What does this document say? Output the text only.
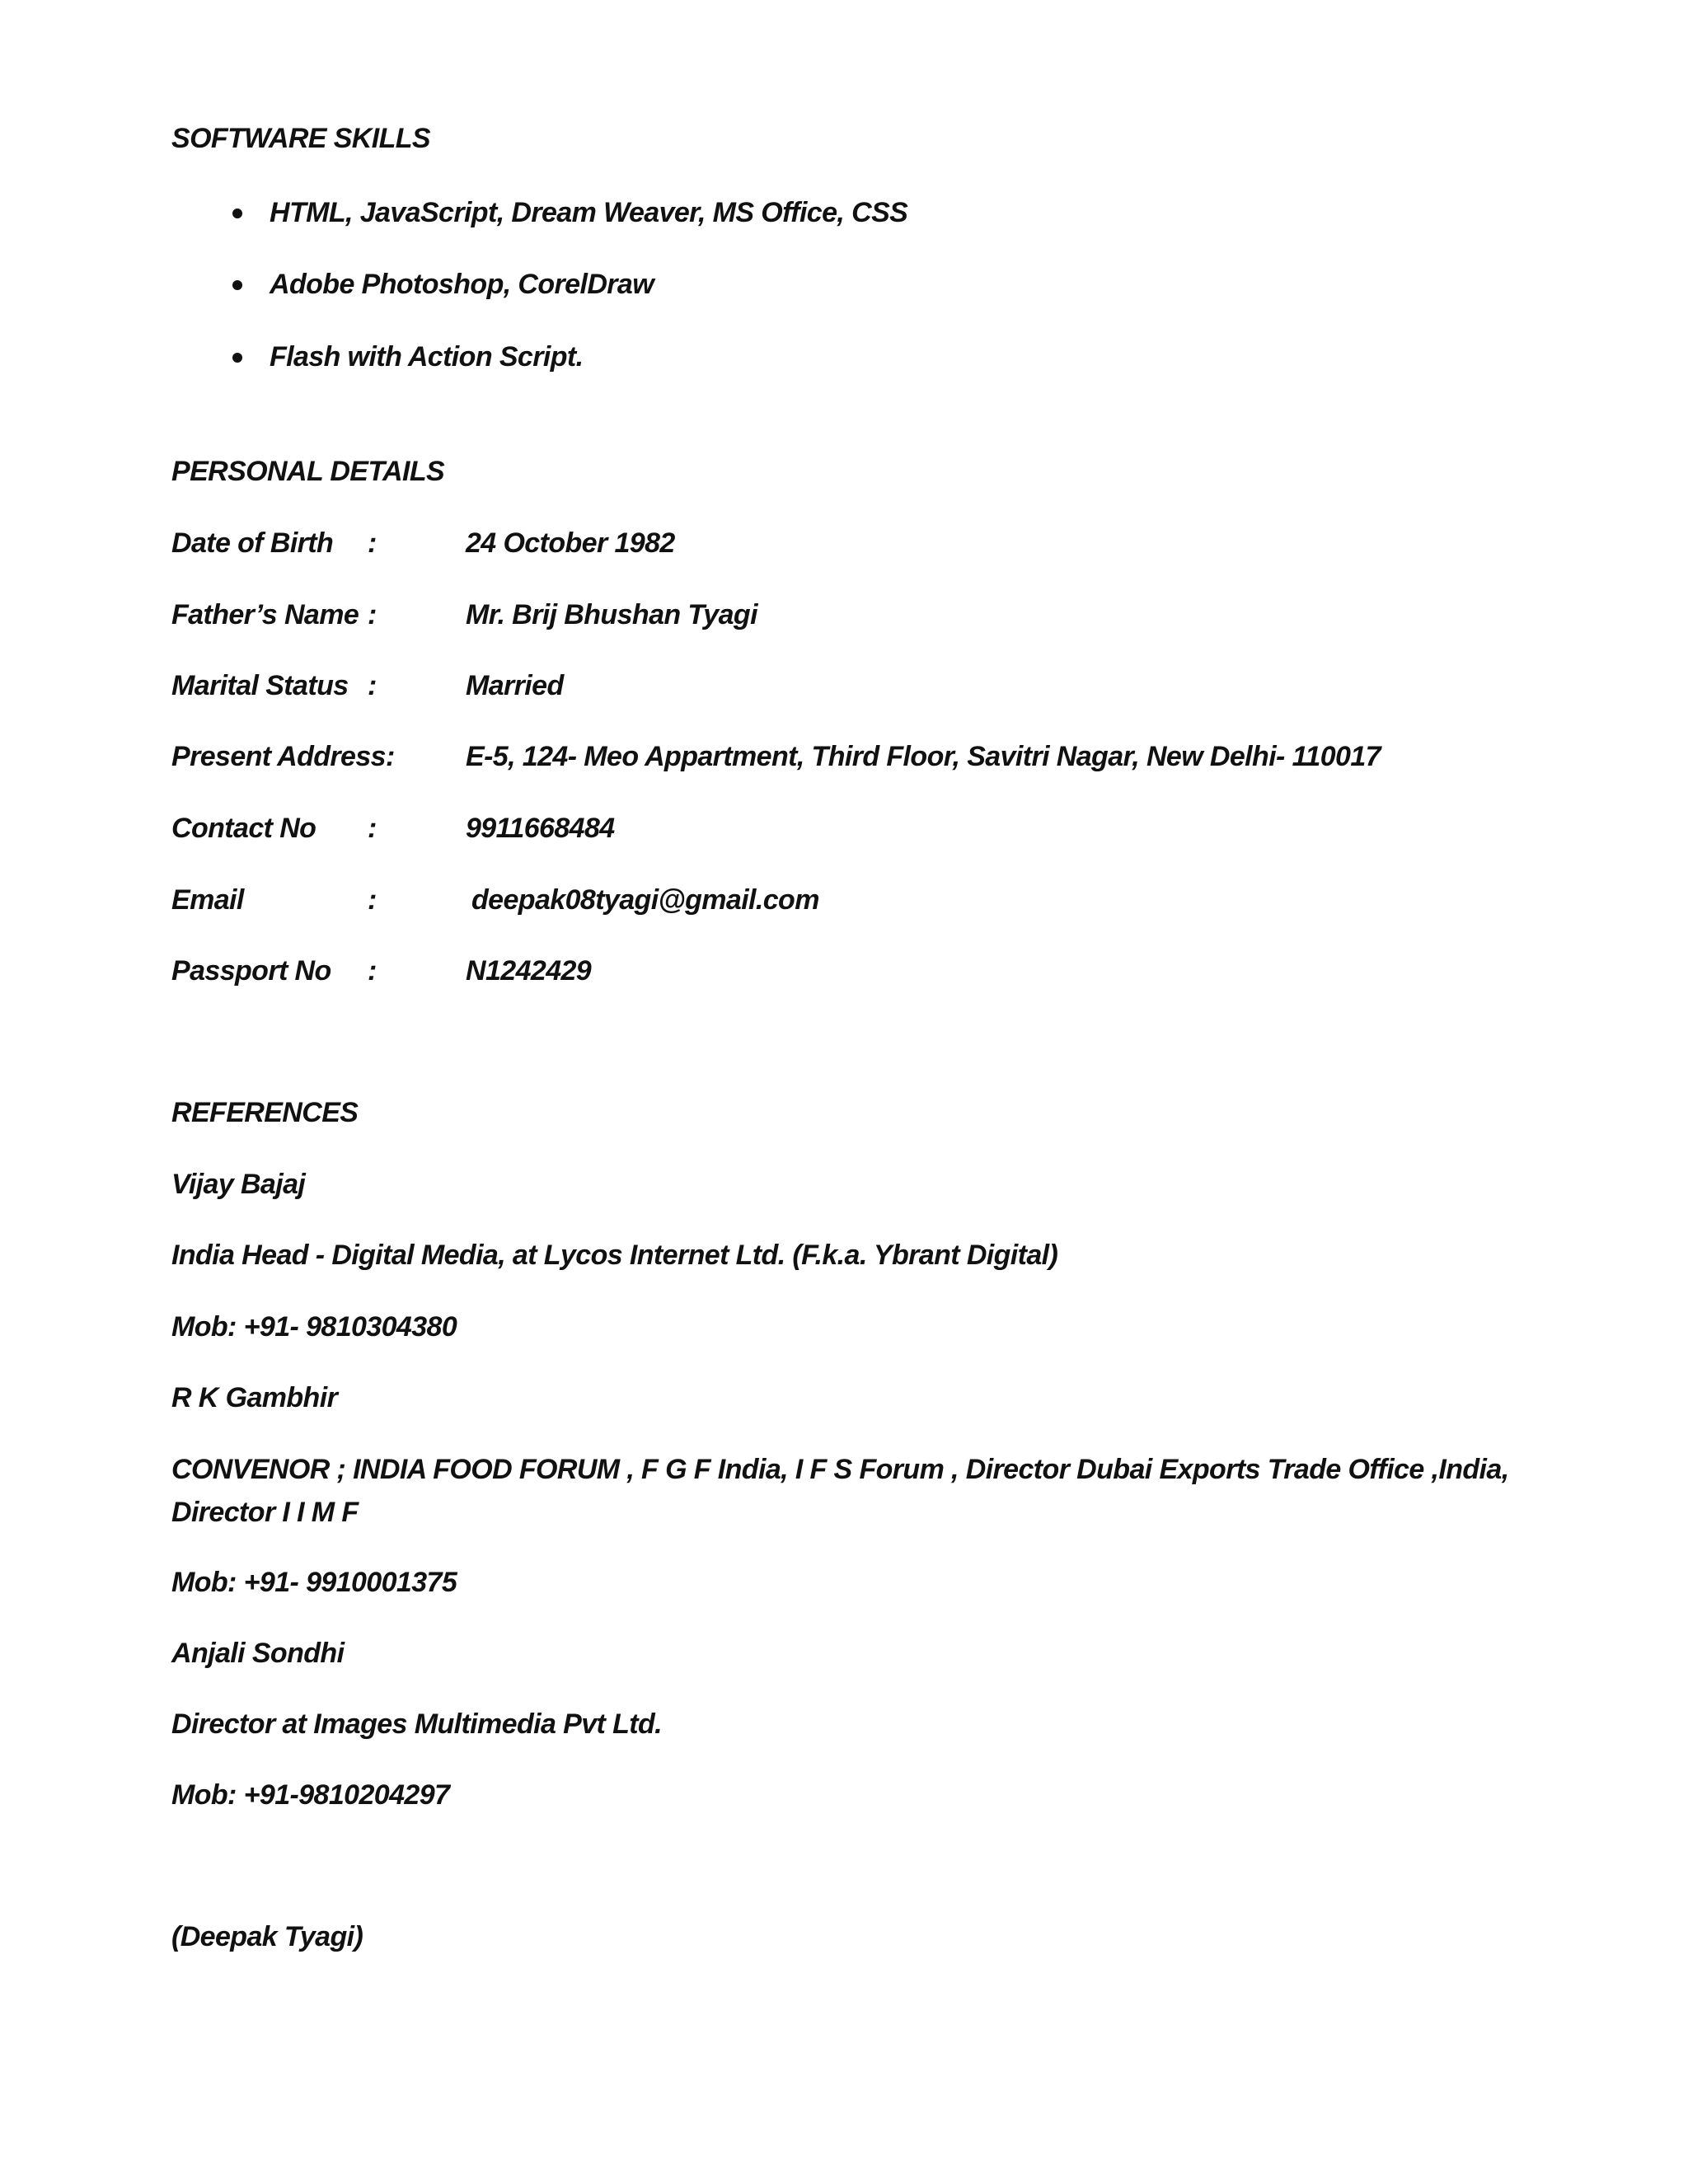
SOFTWARE SKILLS
HTML, JavaScript, Dream Weaver, MS Office, CSS
Adobe Photoshop, CorelDraw
Flash with Action Script.
PERSONAL DETAILS
Date of Birth :	24 October 1982
Father’s Name :	Mr. Brij Bhushan Tyagi
Marital Status :	Married
Present Address:	E-5, 124- Meo Appartment, Third Floor, Savitri Nagar, New Delhi- 110017
Contact No :	9911668484
Email	:	deepak08tyagi@gmail.com
Passport No :	N1242429
REFERENCES
Vijay Bajaj
India Head - Digital Media, at Lycos Internet Ltd. (F.k.a. Ybrant Digital)
Mob: +91- 9810304380
R K Gambhir
CONVENOR ; INDIA FOOD FORUM , F G F India, I F S Forum , Director Dubai Exports Trade Office ,India, Director I I M F
Mob: +91- 9910001375
Anjali Sondhi
Director at Images Multimedia Pvt Ltd.
Mob: +91-9810204297
(Deepak Tyagi)
